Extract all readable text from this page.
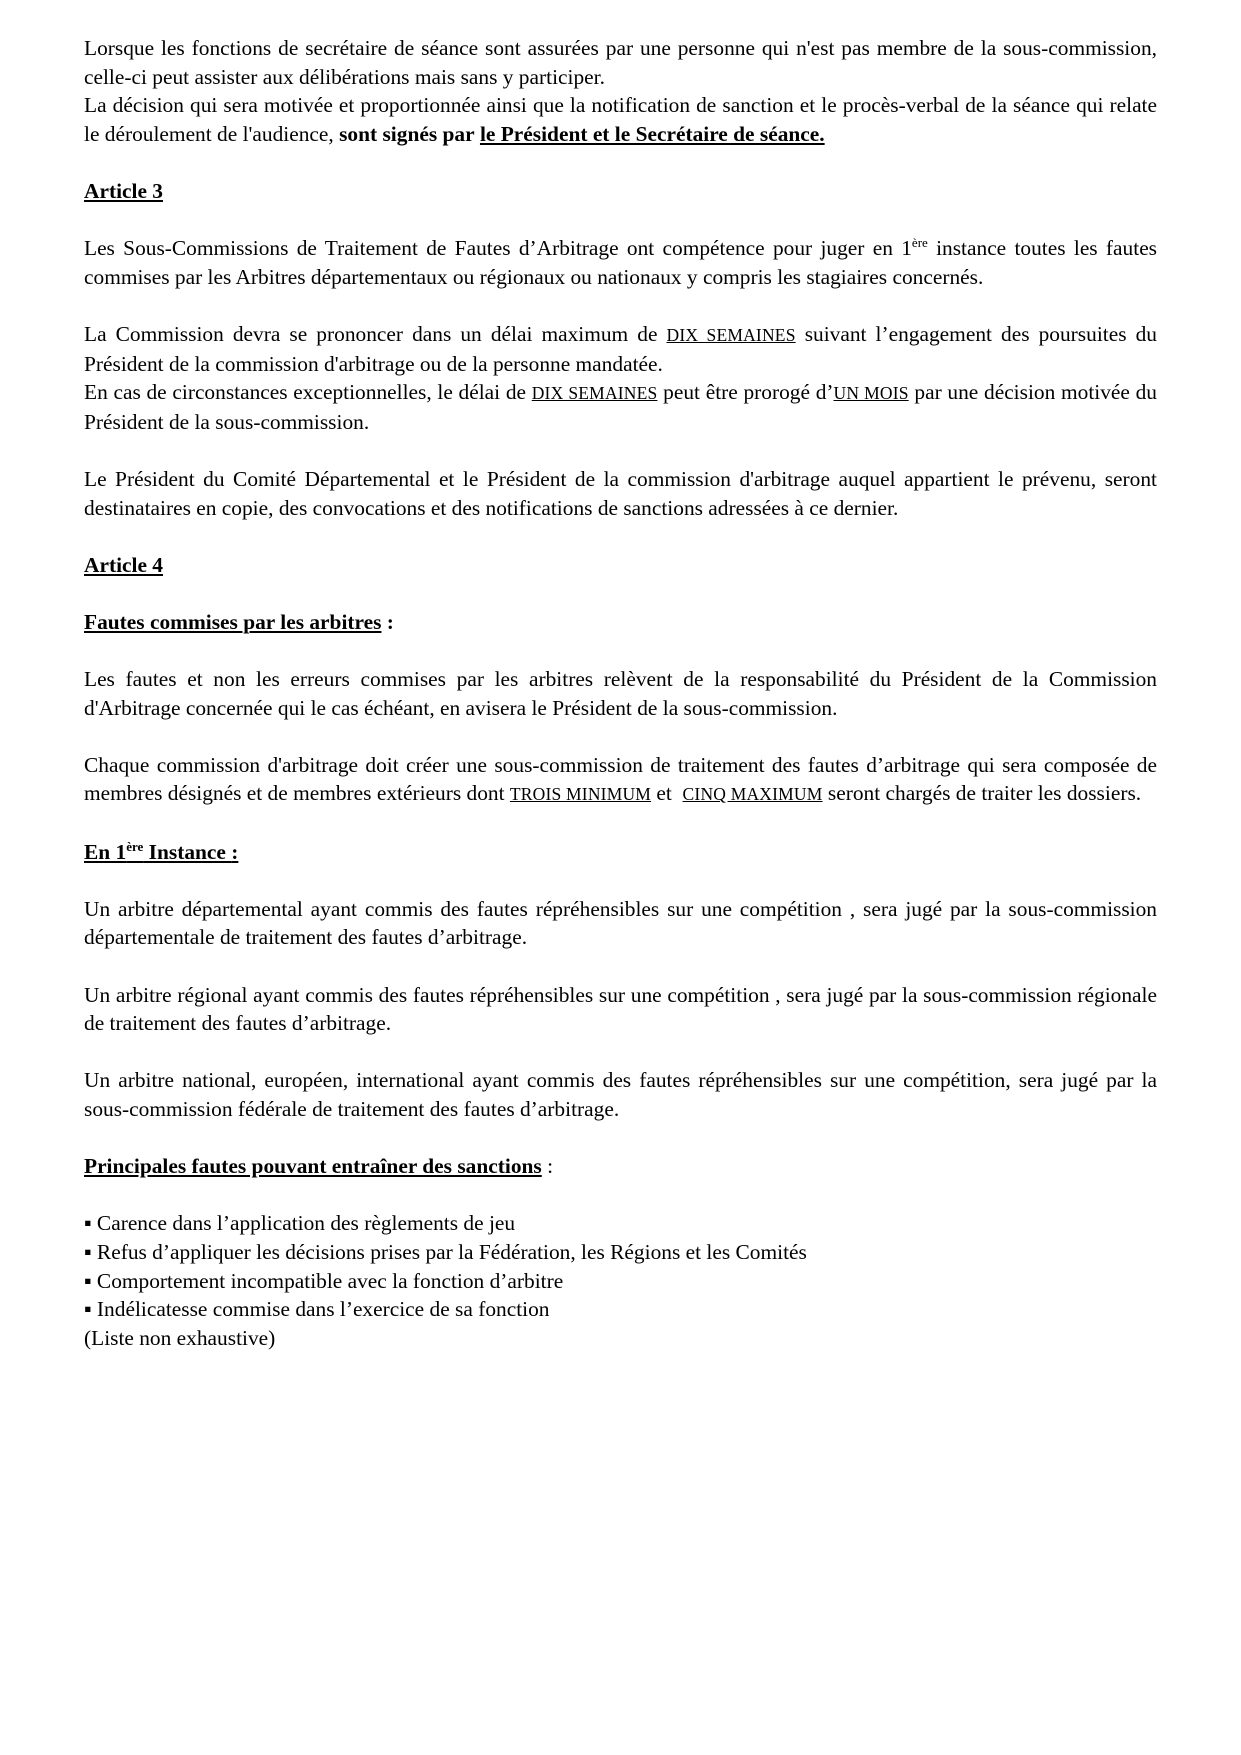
Lorsque les fonctions de secrétaire de séance sont assurées par une personne qui n'est pas membre de la sous-commission, celle-ci peut assister aux délibérations mais sans y participer.

La décision qui sera motivée et proportionnée ainsi que la notification de sanction et le procès-verbal de la séance qui relate le déroulement de l'audience, sont signés par le Président et le Secrétaire de séance.

Article 3

Les Sous-Commissions de Traitement de Fautes d’Arbitrage ont compétence pour juger en 1ère instance toutes les fautes commises par les Arbitres départementaux ou régionaux ou nationaux y compris les stagiaires concernés.

La Commission devra se prononcer dans un délai maximum de DIX SEMAINES suivant l’engagement des poursuites du Président de la commission d'arbitrage ou de la personne mandatée.

En cas de circonstances exceptionnelles, le délai de DIX SEMAINES peut être prorogé d’UN MOIS par une décision motivée du Président de la sous-commission.

Le Président du Comité Départemental et le Président de la commission d'arbitrage auquel appartient le prévenu, seront destinataires en copie, des convocations et des notifications de sanctions adressées à ce dernier.

Article 4

Fautes commises par les arbitres :

Les fautes et non les erreurs commises par les arbitres relèvent de la responsabilité du Président de la Commission d'Arbitrage concernée qui le cas échéant, en avisera le Président de la sous-commission.

Chaque commission d'arbitrage doit créer une sous-commission de traitement des fautes d’arbitrage qui sera composée de membres désignés et de membres extérieurs dont TROIS MINIMUM et  CINQ MAXIMUM seront chargés de traiter les dossiers.

En 1ère Instance :

Un arbitre départemental ayant commis des fautes répréhensibles sur une compétition , sera jugé par la sous-commission départementale de traitement des fautes d’arbitrage.

Un arbitre régional ayant commis des fautes répréhensibles sur une compétition , sera jugé par la sous-commission régionale de traitement des fautes d’arbitrage.

Un arbitre national, européen, international ayant commis des fautes répréhensibles sur une compétition, sera jugé par la sous-commission fédérale de traitement des fautes d’arbitrage.

Principales fautes pouvant entraîner des sanctions :

▪ Carence dans l’application des règlements de jeu
▪ Refus d’appliquer les décisions prises par la Fédération, les Régions et les Comités
▪ Comportement incompatible avec la fonction d’arbitre
▪ Indélicatesse commise dans l’exercice de sa fonction

(Liste non exhaustive)
